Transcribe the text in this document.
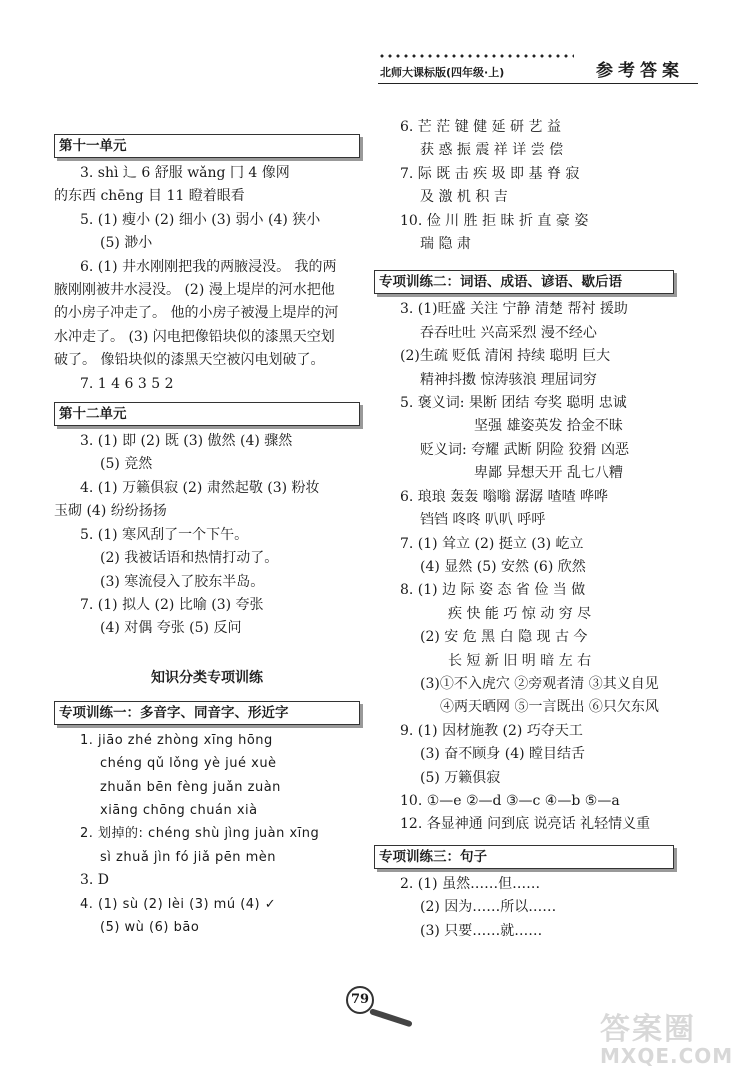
北师大课标版(四年级·上)	参考答案
第十一单元
3. shì 辶 6 舒服 wǎng 冂 4 像网
的东西 chēng 目 11 瞪着眼看
5. (1) 瘦小 (2) 细小 (3) 弱小 (4) 狭小
(5) 渺小
6. (1) 井水刚刚把我的两腋浸没。 我的两
腋刚刚被井水浸没。 (2) 漫上堤岸的河水把他
的小房子冲走了。 他的小房子被漫上堤岸的河
水冲走了。 (3) 闪电把像铅块似的漆黑天空划
破了。 像铅块似的漆黑天空被闪电划破了。
7. 1 4 6 3 5 2
第十二单元
3. (1) 即 (2) 既 (3) 傲然 (4) 骤然
(5) 竞然
4. (1) 万籁俱寂 (2) 肃然起敬 (3) 粉妆
玉砌 (4) 纷纷扬扬
5. (1) 寒风刮了一个下午。
(2) 我被话语和热情打动了。
(3) 寒流侵入了胶东半岛。
7. (1) 拟人 (2) 比喻 (3) 夸张
(4) 对偶 夸张 (5) 反问
知识分类专项训练
专项训练一：多音字、同音字、形近字
1. jiāo zhé zhòng xīng hōng
chéng qǔ lǒng yè jué xuè
zhuǎn bēn fèng juǎn zuàn
xiāng chōng chuán xià
2. 划掉的: chéng shù jìng juàn xīng
sì zhuǎ jìn fó jiǎ pēn mèn
3. D
4. (1) sù (2) lèi (3) mú (4) ✓
(5) wù (6) bāo
6. 芒 茫 键 健 延 研 艺 益
获 惑 振 震 祥 详 尝 偿
7. 际 既 击 疾 圾 即 基 脊 寂
及 激 机 积 吉
10. 俭 川 胜 拒 昧 折 直 豪 姿
瑞 隐 肃
专项训练二：词语、成语、谚语、歇后语
3. (1)旺盛 关注 宁静 清楚 帮衬 援助
吞吞吐吐 兴高采烈 漫不经心
(2)生疏 贬低 清闲 持续 聪明 巨大
精神抖擞 惊涛骇浪 理屈词穷
5. 褒义词: 果断 团结 夸奖 聪明 忠诚
坚强 雄姿英发 拾金不昧
贬义词: 夸耀 武断 阴险 狡猾 凶恶
卑鄙 异想天开 乱七八糟
6. 琅琅 轰轰 嗡嗡 潺潺 喳喳 哗哗
铛铛 咚咚 叭叭 呼呼
7. (1) 耸立 (2) 挺立 (3) 屹立
(4) 显然 (5) 安然 (6) 欣然
8. (1) 边 际 姿 态 省 俭 当 做
疾 快 能 巧 惊 动 穷 尽
(2) 安 危 黑 白 隐 现 古 今
长 短 新 旧 明 暗 左 右
(3)①不入虎穴 ②旁观者清 ③其义自见
④两天晒网 ⑤一言既出 ⑥只欠东风
9. (1) 因材施教 (2) 巧夺天工
(3) 奋不顾身 (4) 瞠目结舌
(5) 万籁俱寂
10. ①—e ②—d ③—c ④—b ⑤—a
12. 各显神通 问到底 说亮话 礼轻情义重
专项训练三：句子
2. (1) 虽然……但……
(2) 因为……所以……
(3) 只要……就……
79
答案圈
MXQE.COM
